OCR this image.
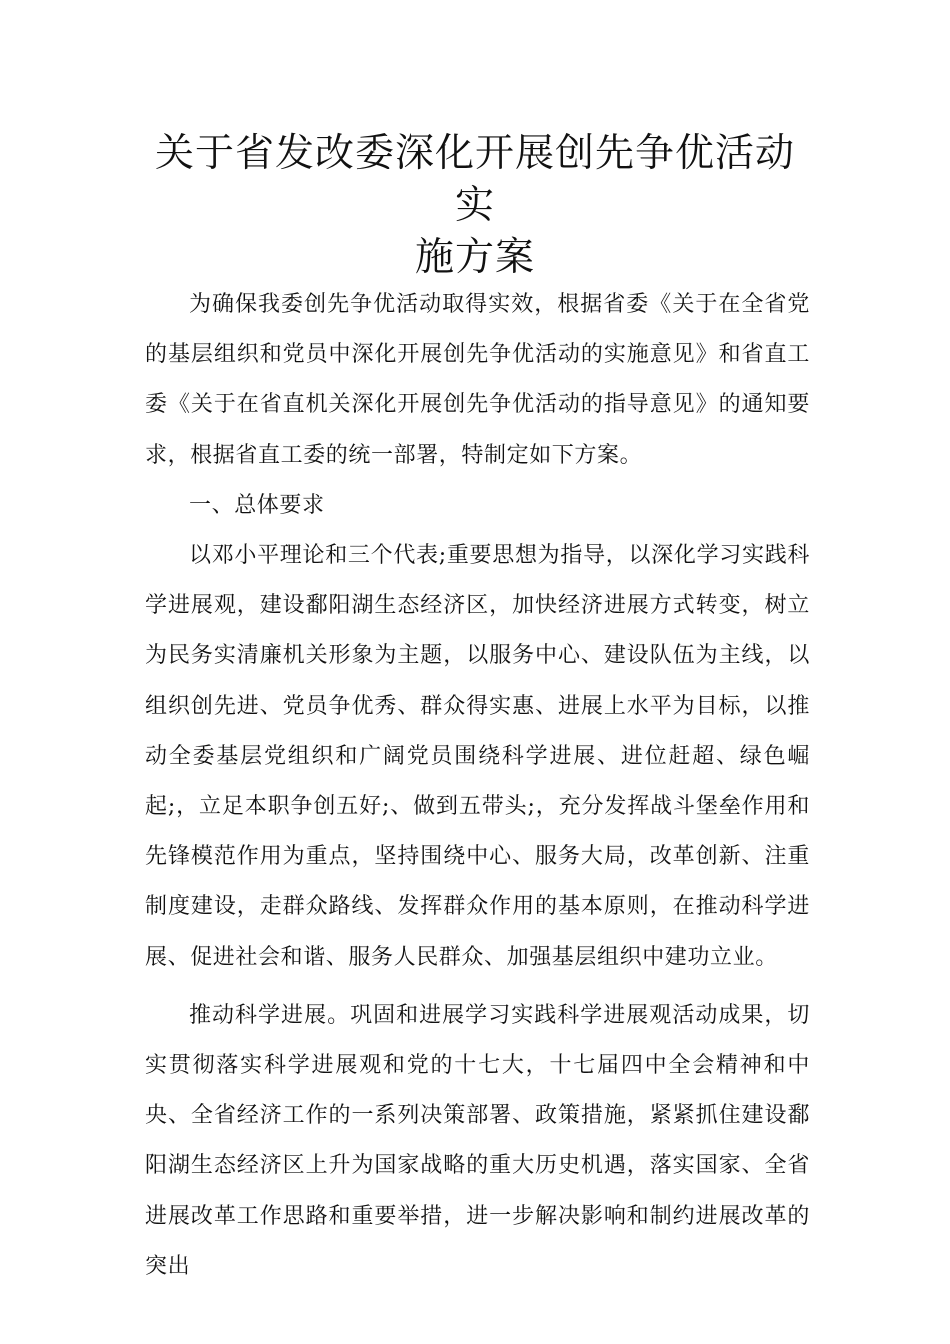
关于省发改委深化开展创先争优活动实
施方案

为确保我委创先争优活动取得实效，根据省委《关于在全省党的基层组织和党员中深化开展创先争优活动的实施意见》和省直工委《关于在省直机关深化开展创先争优活动的指导意见》的通知要求，根据省直工委的统一部署，特制定如下方案。

一、总体要求

以邓小平理论和三个代表;重要思想为指导，以深化学习实践科学进展观，建设鄱阳湖生态经济区，加快经济进展方式转变，树立为民务实清廉机关形象为主题，以服务中心、建设队伍为主线，以组织创先进、党员争优秀、群众得实惠、进展上水平为目标，以推动全委基层党组织和广阔党员围绕科学进展、进位赶超、绿色崛起;，立足本职争创五好;、做到五带头;，充分发挥战斗堡垒作用和先锋模范作用为重点，坚持围绕中心、服务大局，改革创新、注重制度建设，走群众路线、发挥群众作用的基本原则，在推动科学进展、促进社会和谐、服务人民群众、加强基层组织中建功立业。

推动科学进展。巩固和进展学习实践科学进展观活动成果，切实贯彻落实科学进展观和党的十七大，十七届四中全会精神和中央、全省经济工作的一系列决策部署、政策措施，紧紧抓住建设鄱阳湖生态经济区上升为国家战略的重大历史机遇，落实国家、全省进展改革工作思路和重要举措，进一步解决影响和制约进展改革的突出
